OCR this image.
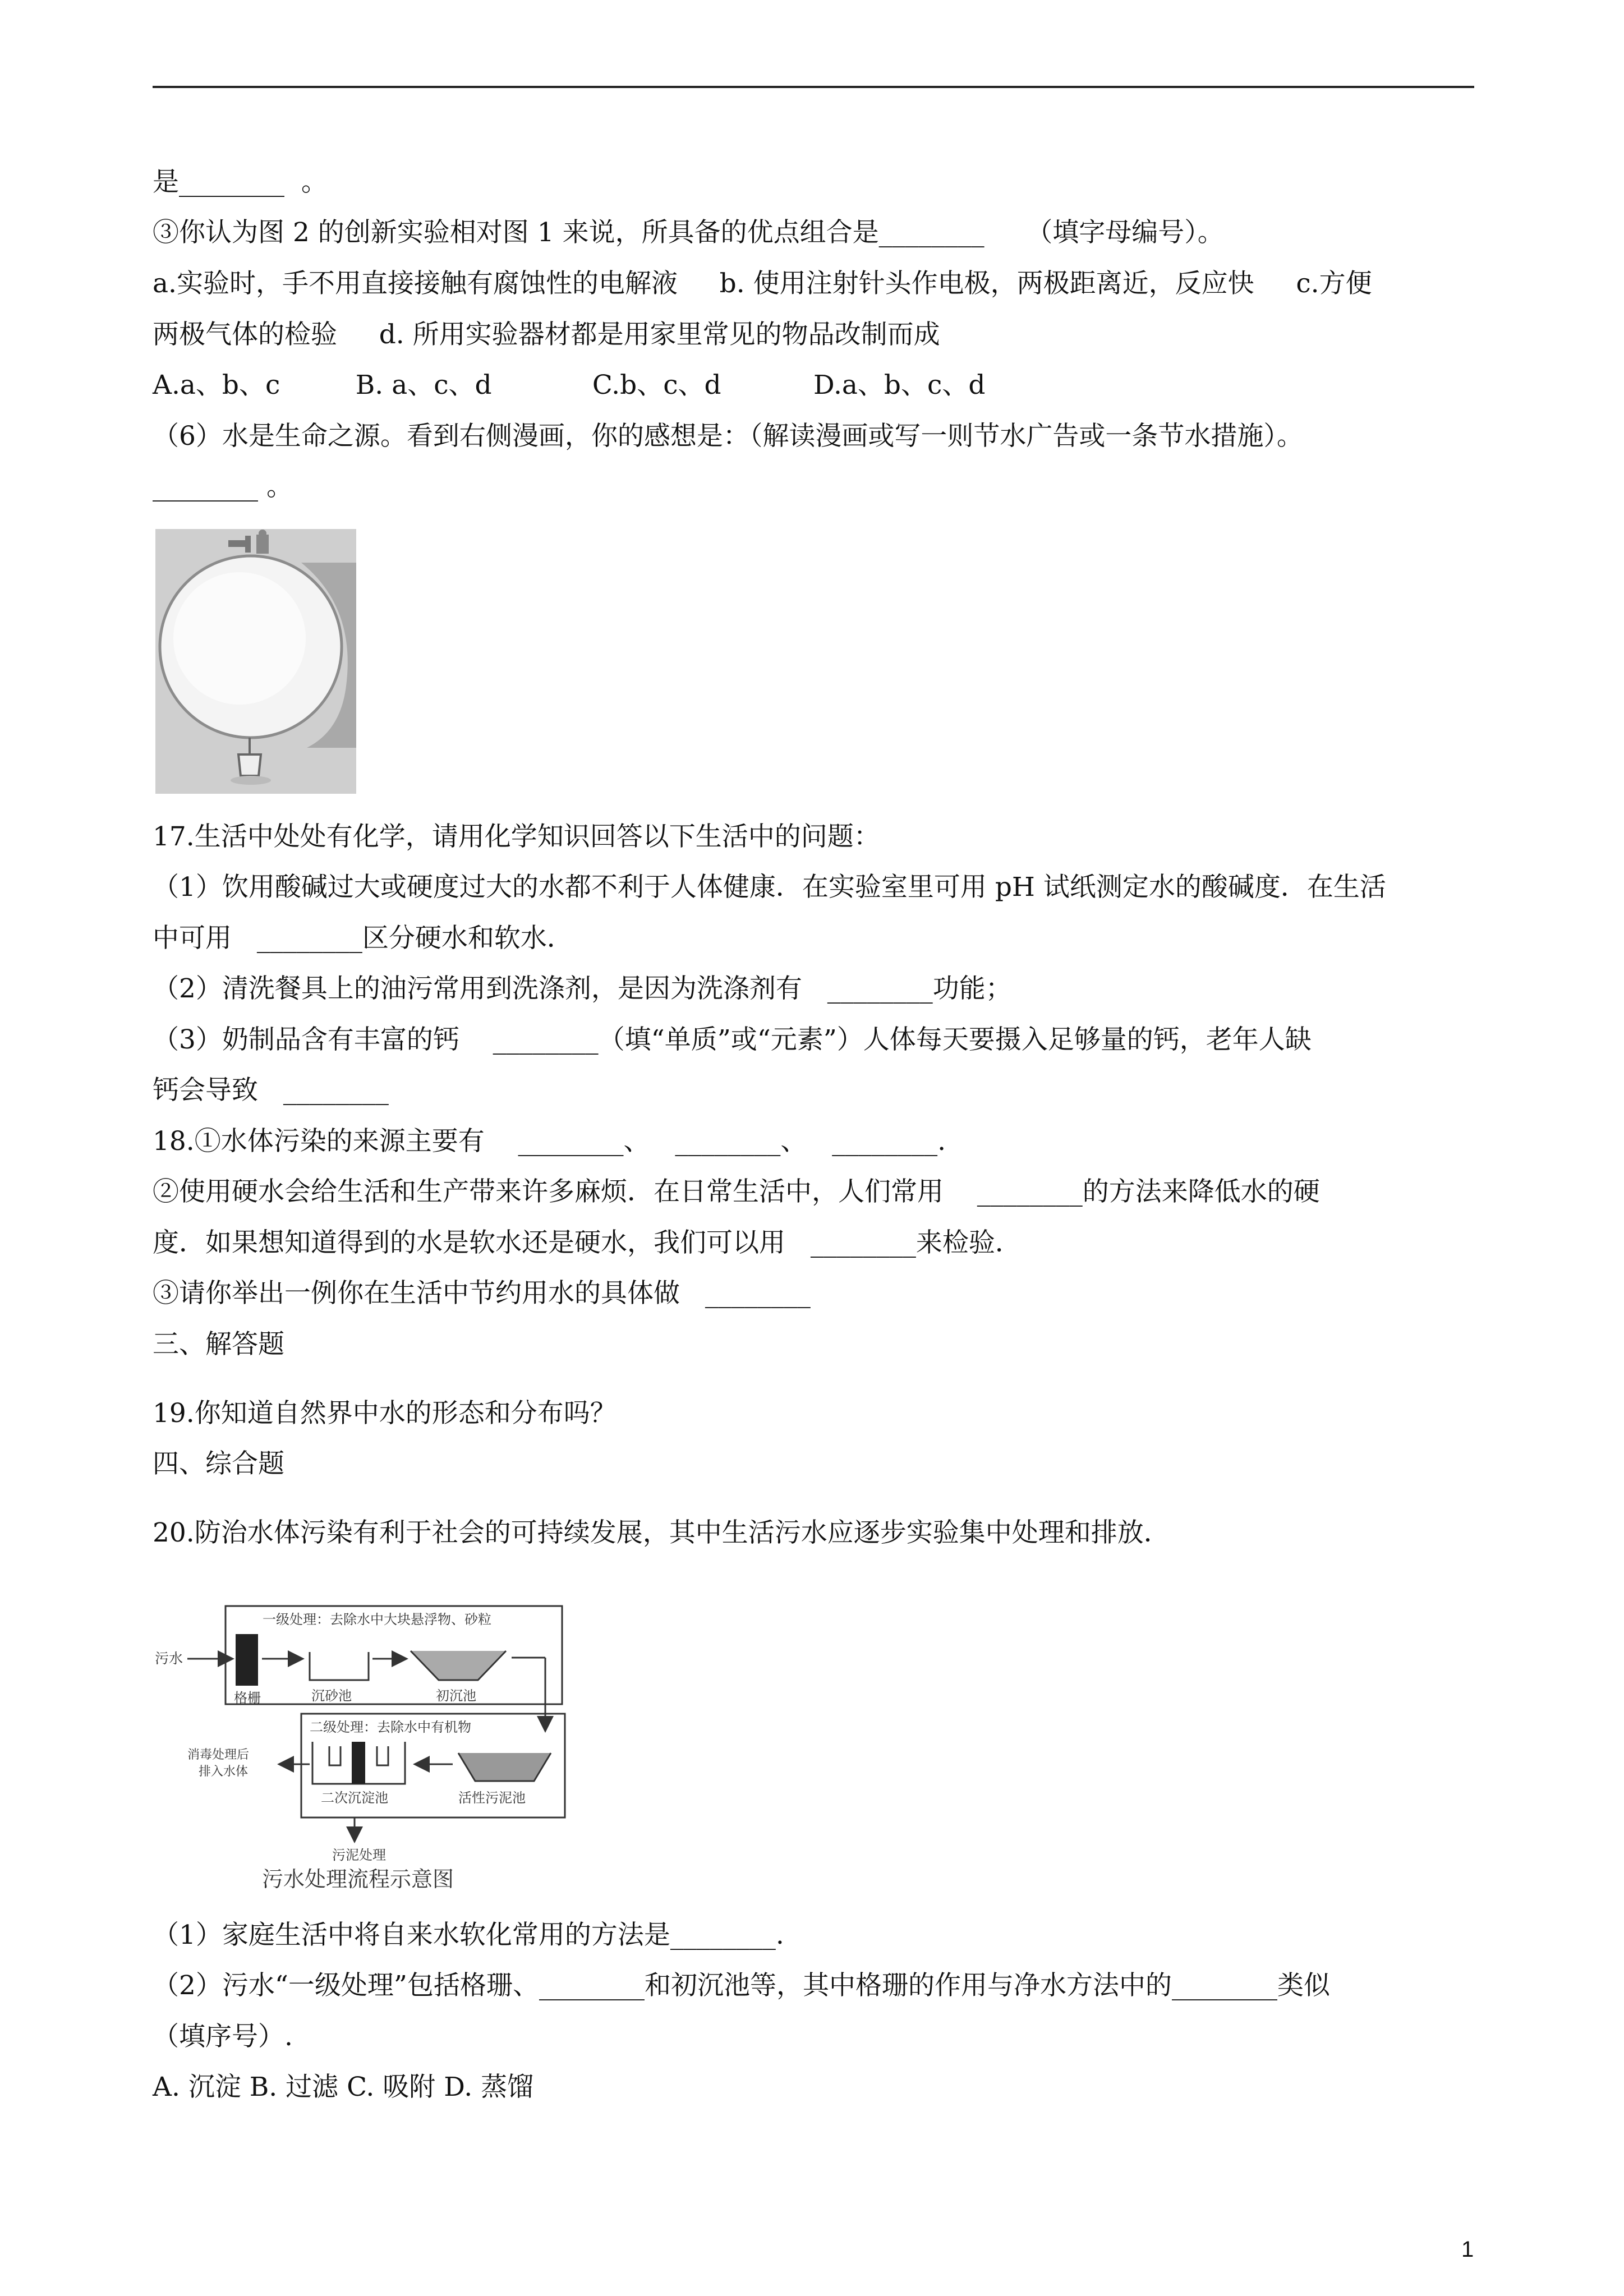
是________  。
③你认为图 2 的创新实验相对图 1 来说，所具备的优点组合是________     （填字母编号）。
a.实验时，手不用直接接触有腐蚀性的电解液     b. 使用注射针头作电极，两极距离近，反应快     c.方便
两极气体的检验     d. 所用实验器材都是用家里常见的物品改制而成
A.a、b、c         B. a、c、d            C.b、c、d           D.a、b、c、d
（6）水是生命之源。看到右侧漫画，你的感想是：（解读漫画或写一则节水广告或一条节水措施）。
________ 。
17.生活中处处有化学，请用化学知识回答以下生活中的问题：
（1）饮用酸碱过大或硬度过大的水都不利于人体健康．在实验室里可用 pH 试纸测定水的酸碱度．在生活
中可用   ________区分硬水和软水．
（2）清洗餐具上的油污常用到洗涤剂，是因为洗涤剂有   ________功能；
（3）奶制品含有丰富的钙    ________（填“单质”或“元素”）人体每天要摄入足够量的钙，老年人缺
钙会导致   ________
18.①水体污染的来源主要有    ________、   ________、   ________.
②使用硬水会给生活和生产带来许多麻烦．在日常生活中，人们常用    ________的方法来降低水的硬
度．如果想知道得到的水是软水还是硬水，我们可以用   ________来检验．
③请你举出一例你在生活中节约用水的具体做   ________
三、解答题
19.你知道自然界中水的形态和分布吗？
四、综合题
20.防治水体污染有利于社会的可持续发展，其中生活污水应逐步实验集中处理和排放．
一级处理：去除水中大块悬浮物、砂粒
污水
格栅	沉砂池	初沉池
二级处理：去除水中有机物
活性污泥池
二次沉淀池
消毒处理后
排入水体
污泥处理
污水处理流程示意图
（1）家庭生活中将自来水软化常用的方法是________.
（2）污水“一级处理”包括格珊、________和初沉池等，其中格珊的作用与净水方法中的________类似
（填序号）.
A. 沉淀 B. 过滤 C. 吸附 D. 蒸馏
1
